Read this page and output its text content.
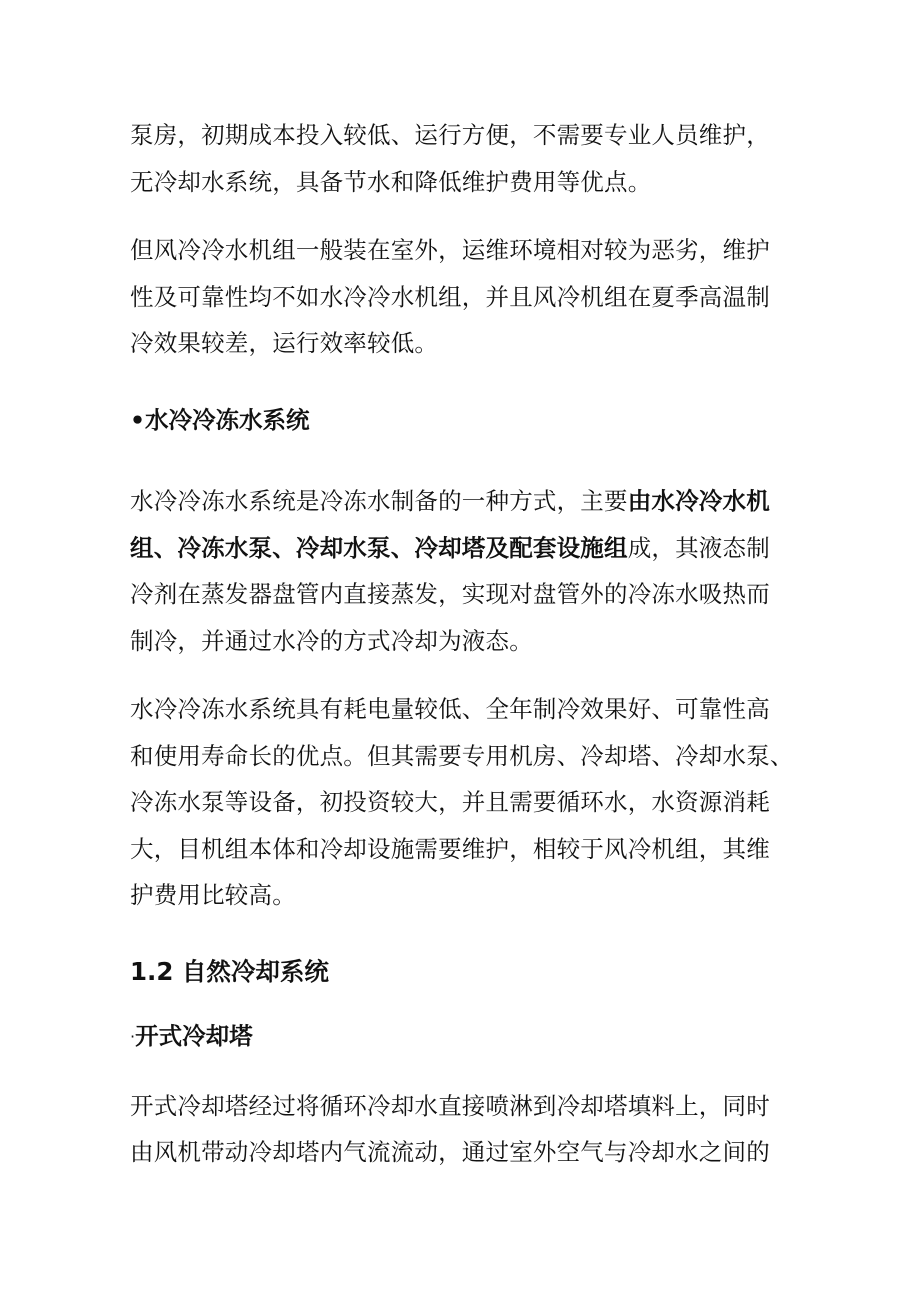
泵房，初期成本投入较低、运行方便，不需要专业人员维护，
无冷却水系统，具备节水和降低维护费用等优点。

但风冷冷水机组一般装在室外，运维环境相对较为恶劣，维护
性及可靠性均不如水冷冷水机组，并且风冷机组在夏季高温制
冷效果较差，运行效率较低。

•水冷冷冻水系统

水冷冷冻水系统是冷冻水制备的一种方式，主要由水冷冷水机
组、冷冻水泵、冷却水泵、冷却塔及配套设施组成，其液态制
冷剂在蒸发器盘管内直接蒸发，实现对盘管外的冷冻水吸热而
制冷，并通过水冷的方式冷却为液态。

水冷冷冻水系统具有耗电量较低、全年制冷效果好、可靠性高
和使用寿命长的优点。但其需要专用机房、冷却塔、冷却水泵、
冷冻水泵等设备，初投资较大，并且需要循环水，水资源消耗
大，目机组本体和冷却设施需要维护，相较于风冷机组，其维
护费用比较高。

1.2 自然冷却系统

·开式冷却塔

开式冷却塔经过将循环冷却水直接喷淋到冷却塔填料上，同时
由风机带动冷却塔内气流流动，通过室外空气与冷却水之间的
